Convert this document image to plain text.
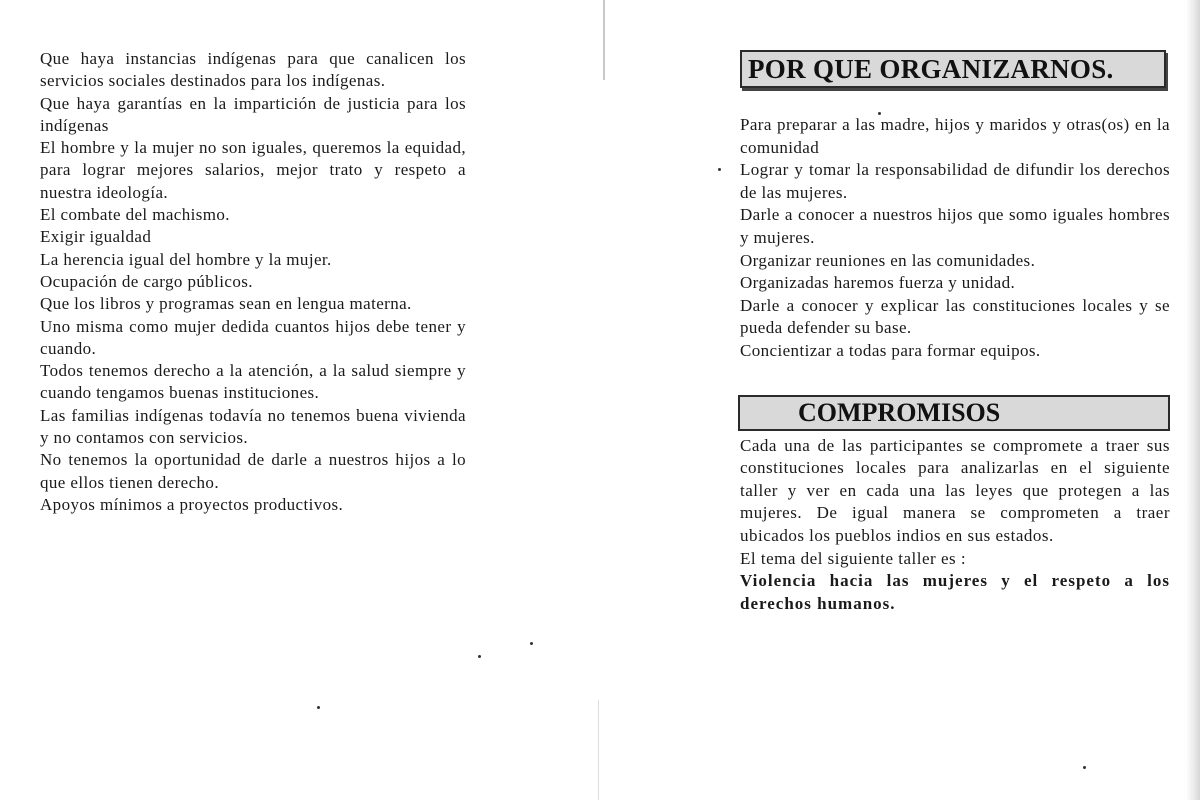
Que haya instancias indígenas para que canalicen los servicios sociales destinados para los indígenas.

Que haya garantías en la impartición de justicia para los indígenas

El hombre y la mujer no son iguales, queremos la equidad, para lograr mejores salarios, mejor trato y respeto a nuestra ideología.

El combate del machismo.

Exigir igualdad

La herencia igual del hombre y la mujer.

Ocupación de cargo públicos.

Que los libros y programas sean en lengua materna.

Uno misma como mujer dedida cuantos hijos debe tener y cuando.

Todos tenemos derecho a la atención, a la salud siempre y cuando tengamos buenas instituciones.

Las familias indígenas todavía no tenemos buena vivienda y no contamos con servicios.

No tenemos la oportunidad de darle a nuestros hijos a lo que ellos tienen derecho.

Apoyos mínimos a proyectos productivos.

POR QUE ORGANIZARNOS.

Para preparar a las madre, hijos y maridos y otras(os) en la comunidad

Lograr y tomar la responsabilidad de difundir los derechos de las mujeres.

Darle a conocer a nuestros hijos que somo iguales hombres y mujeres.

Organizar reuniones en las comunidades.

Organizadas haremos fuerza y unidad.

Darle a conocer y explicar las constituciones locales y se pueda defender su base.

Concientizar a todas para formar equipos.

COMPROMISOS

Cada una de las participantes se compromete a traer sus constituciones locales para analizarlas en el siguiente taller y ver en cada una las leyes que protegen a las mujeres. De igual manera se comprometen a traer ubicados los pueblos indios en sus estados.

El tema del siguiente taller es :

Violencia hacia las mujeres y el respeto a los derechos humanos.
